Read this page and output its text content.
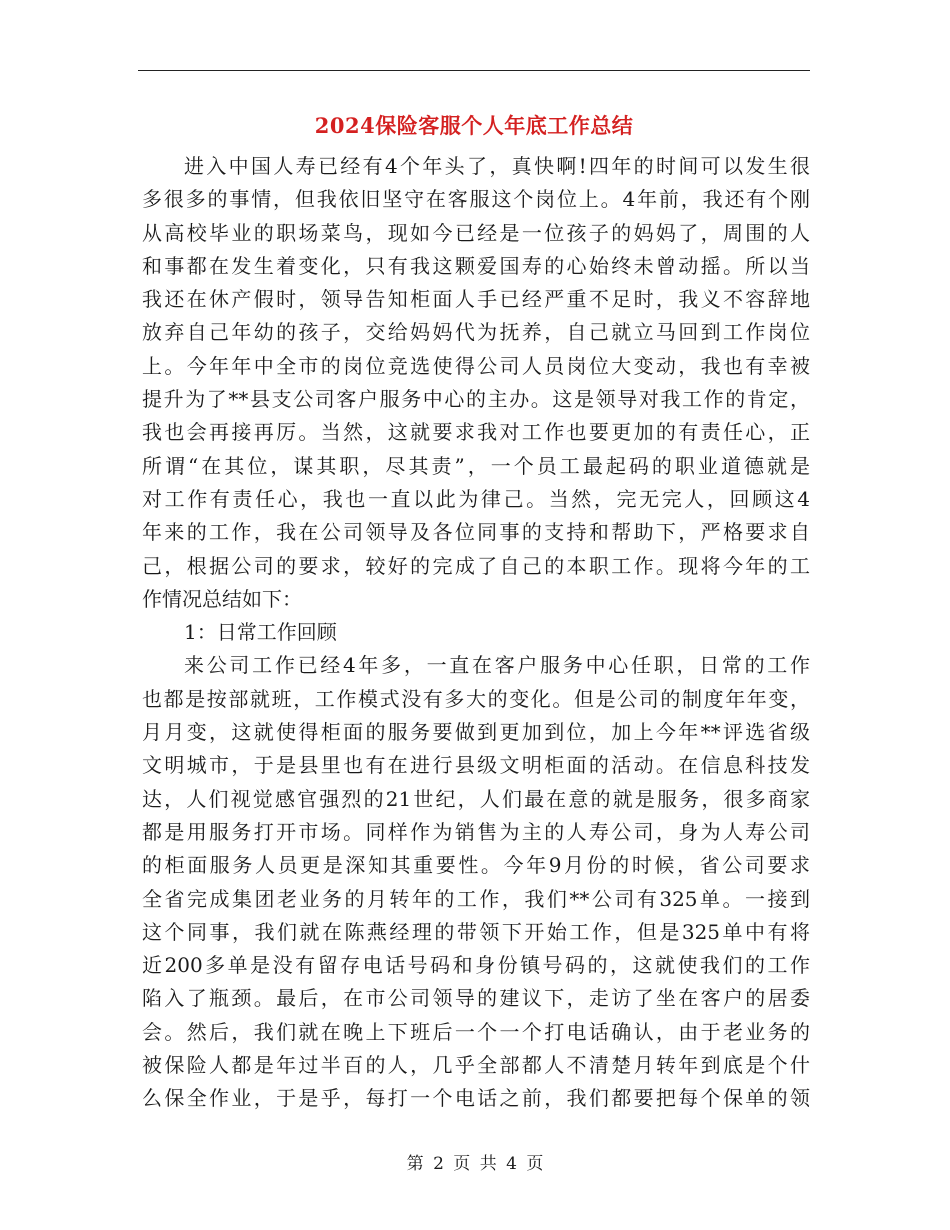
2024保险客服个人年底工作总结
进入中国人寿已经有4个年头了，真快啊!四年的时间可以发生很
多很多的事情，但我依旧坚守在客服这个岗位上。4年前，我还有个刚
从高校毕业的职场菜鸟，现如今已经是一位孩子的妈妈了，周围的人
和事都在发生着变化，只有我这颗爱国寿的心始终未曾动摇。所以当
我还在休产假时，领导告知柜面人手已经严重不足时，我义不容辞地
放弃自己年幼的孩子，交给妈妈代为抚养，自己就立马回到工作岗位
上。今年年中全市的岗位竞选使得公司人员岗位大变动，我也有幸被
提升为了**县支公司客户服务中心的主办。这是领导对我工作的肯定，
我也会再接再厉。当然，这就要求我对工作也要更加的有责任心，正
所谓“在其位，谋其职，尽其责”，一个员工最起码的职业道德就是
对工作有责任心，我也一直以此为律己。当然，完无完人，回顾这4
年来的工作，我在公司领导及各位同事的支持和帮助下，严格要求自
己，根据公司的要求，较好的完成了自己的本职工作。现将今年的工
作情况总结如下：
1：日常工作回顾
来公司工作已经4年多，一直在客户服务中心任职，日常的工作
也都是按部就班，工作模式没有多大的变化。但是公司的制度年年变，
月月变，这就使得柜面的服务要做到更加到位，加上今年**评选省级
文明城市，于是县里也有在进行县级文明柜面的活动。在信息科技发
达，人们视觉感官强烈的21世纪，人们最在意的就是服务，很多商家
都是用服务打开市场。同样作为销售为主的人寿公司，身为人寿公司
的柜面服务人员更是深知其重要性。今年9月份的时候，省公司要求
全省完成集团老业务的月转年的工作，我们**公司有325单。一接到
这个同事，我们就在陈燕经理的带领下开始工作，但是325单中有将
近200多单是没有留存电话号码和身份镇号码的，这就使我们的工作
陷入了瓶颈。最后，在市公司领导的建议下，走访了坐在客户的居委
会。然后，我们就在晚上下班后一个一个打电话确认，由于老业务的
被保险人都是年过半百的人，几乎全部都人不清楚月转年到底是个什
么保全作业，于是乎，每打一个电话之前，我们都要把每个保单的领
第 2 页 共 4 页
